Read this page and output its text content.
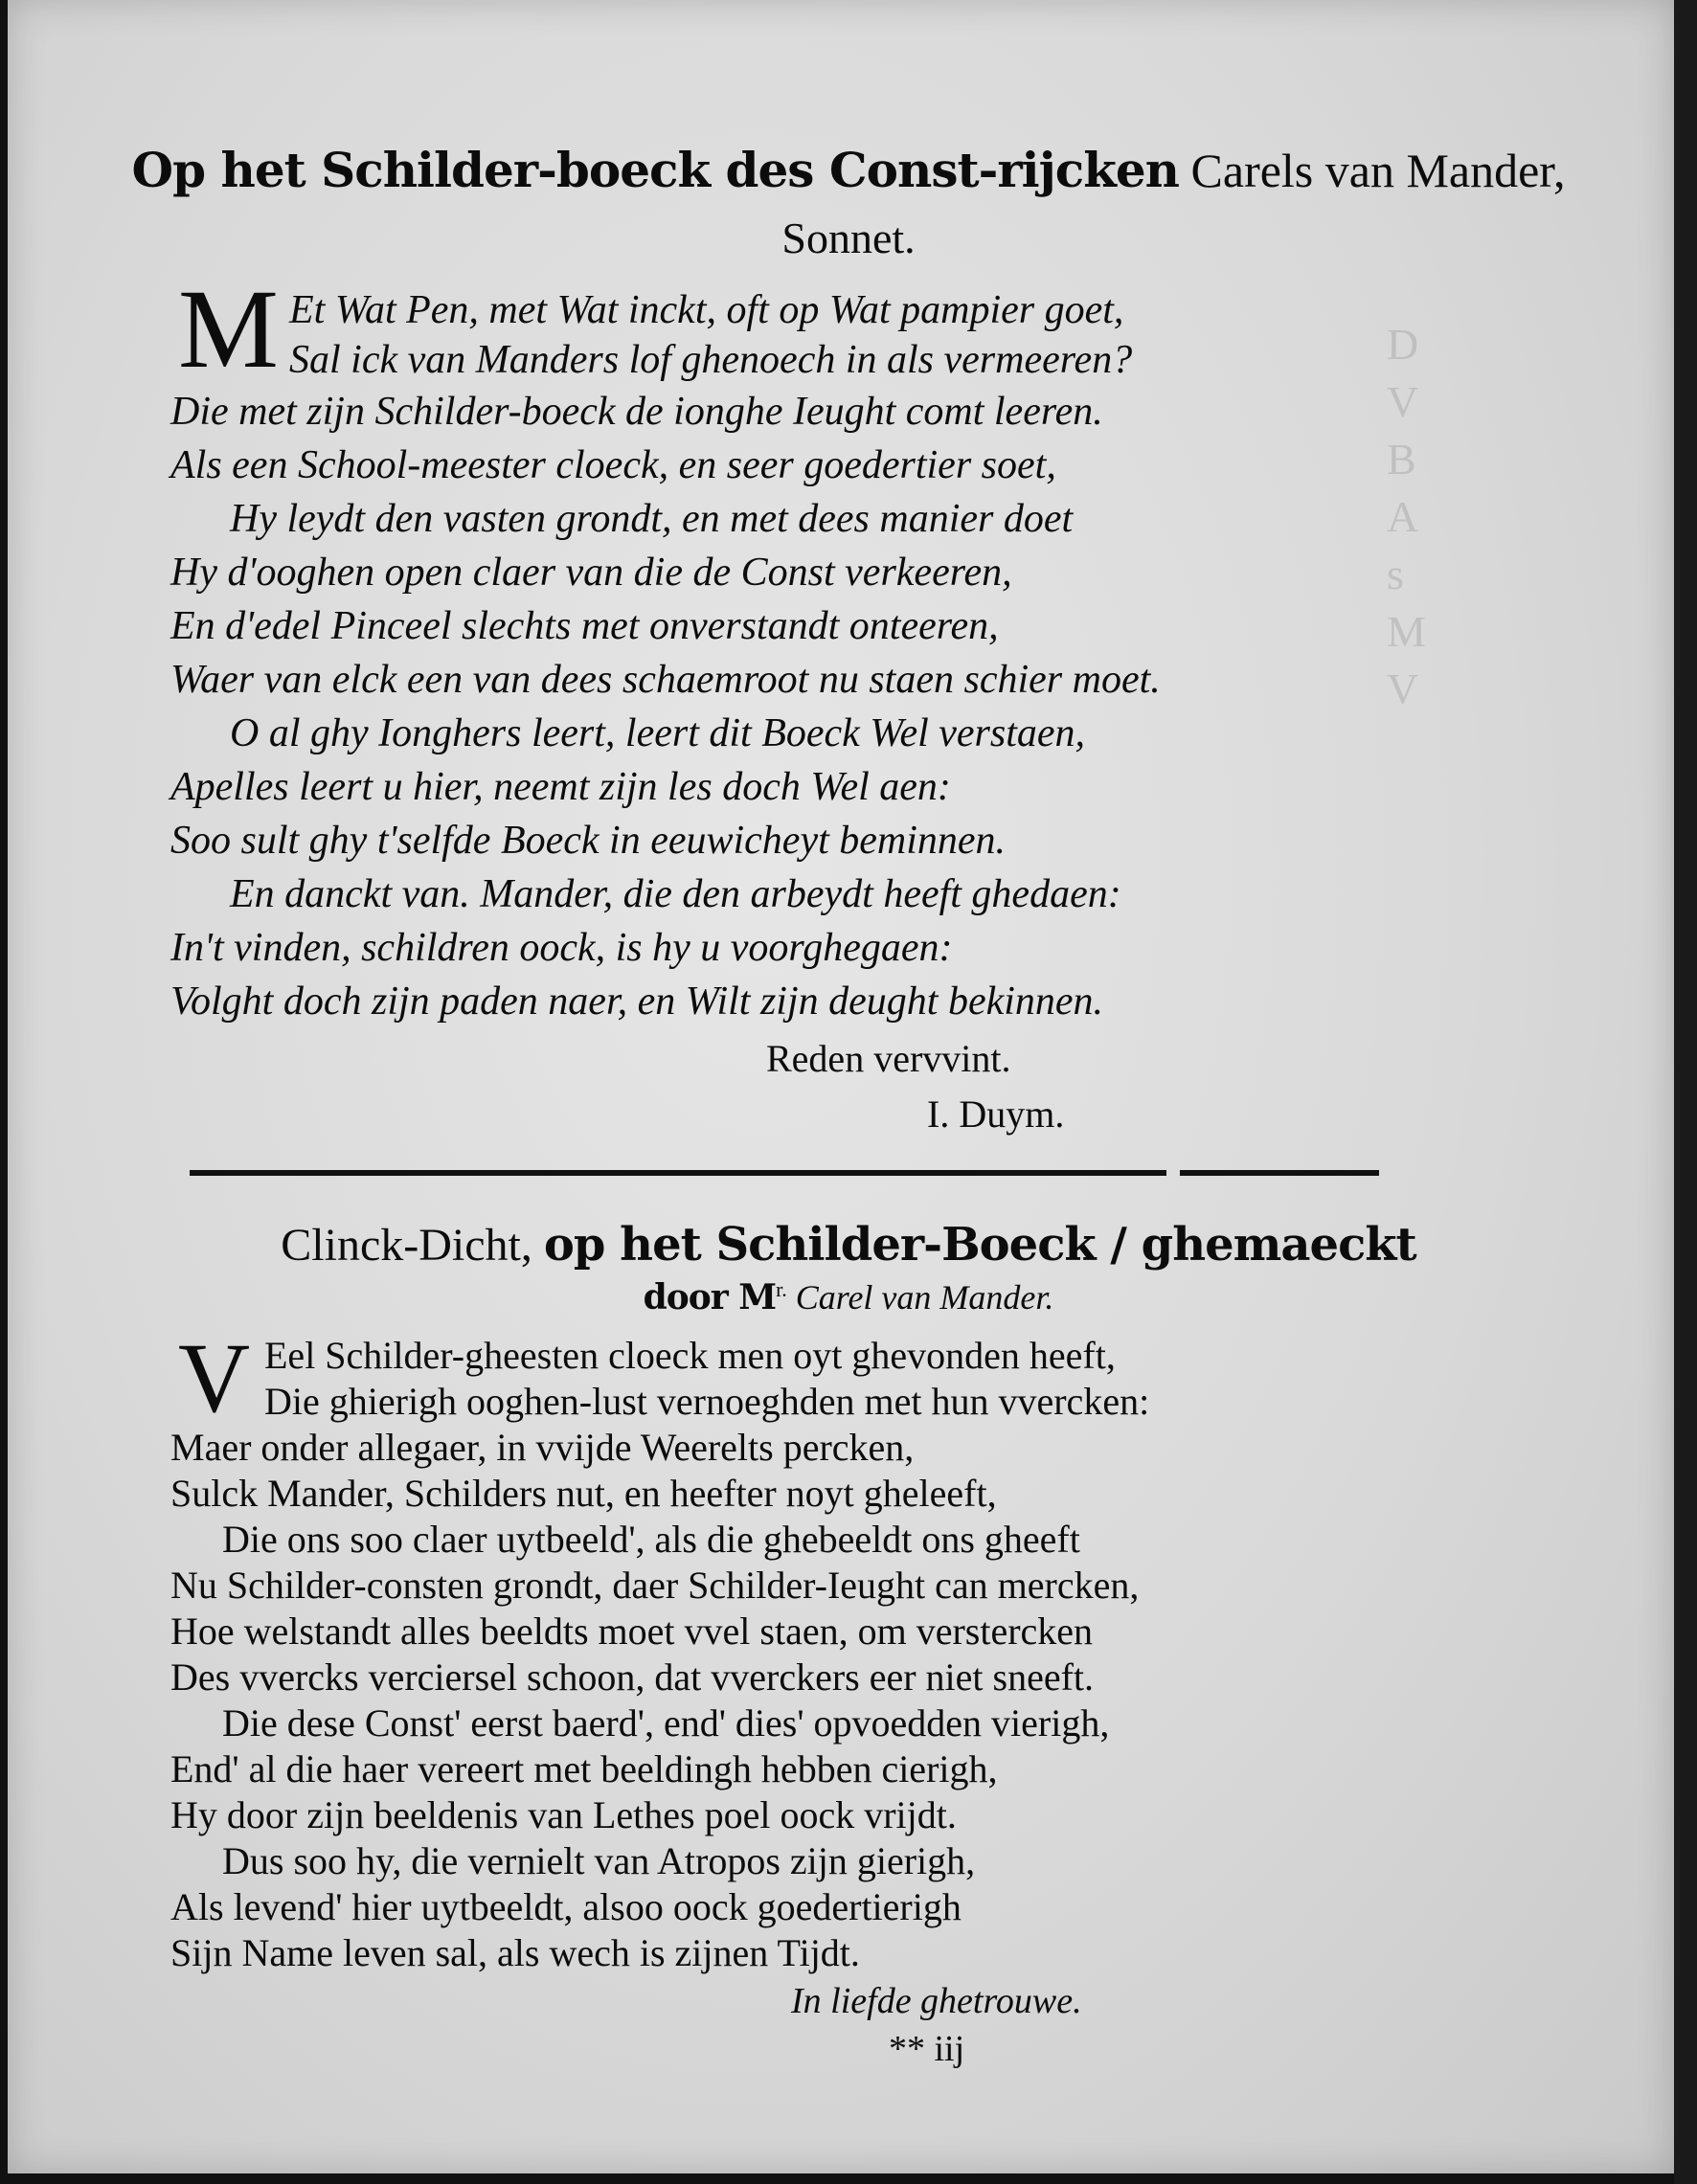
D
V
B
A
s
M
V
Op het Schilder-boeck des Const-rijcken Carels van Mander,
Sonnet.
M Et Wat Pen, met Wat inckt, oft op Wat pampier goet,
Sal ick van Manders lof ghenoech in als vermeeren?
Die met zijn Schilder-boeck de ionghe Ieught comt leeren.
Als een School-meester cloeck, en seer goedertier soet,
Hy leydt den vasten grondt, en met dees manier doet
Hy d'ooghen open claer van die de Const verkeeren,
En d'edel Pinceel slechts met onverstandt onteeren,
Waer van elck een van dees schaemroot nu staen schier moet.
O al ghy Ionghers leert, leert dit Boeck Wel verstaen,
Apelles leert u hier, neemt zijn les doch Wel aen:
Soo sult ghy t'selfde Boeck in eeuwicheyt beminnen.
En danckt van. Mander, die den arbeydt heeft ghedaen:
In't vinden, schildren oock, is hy u voorghegaen:
Volght doch zijn paden naer, en Wilt zijn deught bekinnen.
Reden vervvint.
I. Duym.
Clinck-Dicht, op het Schilder-Boeck / ghemaeckt
door $M^{r.}$ Carel van Mander.
V Eel Schilder-gheesten cloeck men oyt ghevonden heeft,
Die ghierigh ooghen-lust vernoeghden met hun vvercken:
Maer onder allegaer, in vvijde Weerelts percken,
Sulck Mander, Schilders nut, en heefter noyt gheleeft,
Die ons soo claer uytbeeld', als die ghebeeldt ons gheeft
Nu Schilder-consten grondt, daer Schilder-Ieught can mercken,
Hoe welstandt alles beeldts moet vvel staen, om verstercken
Des vvercks verciersel schoon, dat vverckers eer niet sneeft.
Die dese Const' eerst baerd', end' dies' opvoedden vierigh,
End' al die haer vereert met beeldingh hebben cierigh,
Hy door zijn beeldenis van Lethes poel oock vrijdt.
Dus soo hy, die vernielt van Atropos zijn gierigh,
Als levend' hier uytbeeldt, alsoo oock goedertierigh
Sijn Name leven sal, als wech is zijnen Tijdt.
In liefde ghetrouwe.
** iij
